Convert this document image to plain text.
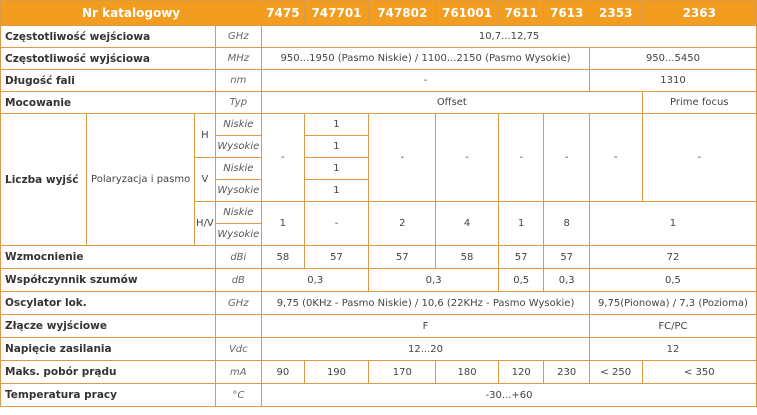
Nr katalogowy				7475	747701	747802	761001	7611	7613	2353	2363
Częstotliwość wejściowa			GHz	10,7...12,75							
Częstotliwość wyjściowa			MHz	950...1950 (Pasmo Niskie) / 1100...2150 (Pasmo Wysokie)						950...5450	
Długość fali			nm	-						1310	
Mocowanie			Typ	Offset							Prime focus
Liczba wyjść	Polaryzacja i pasmo	H	Niskie	-	1	-	-	-	-	-	-
			Wysokie		1						
		V	Niskie		1						
			Wysokie		1						
		H/V	Niskie	1	-	2	4	1	8	1	
			Wysokie								
Wzmocnienie			dBi	58	57	57	58	57	57	72	
Współczynnik szumów			dB	0,3		0,3		0,5	0,3	0,5	
Oscylator lok.			GHz	9,75 (0KHz - Pasmo Niskie) / 10,6 (22KHz - Pasmo Wysokie)						9,75(Pionowa) / 7,3 (Pozioma)	
Złącze wyjściowe				F						FC/PC	
Napięcie zasilania			Vdc	12...20						12	
Maks. pobór prądu			mA	90	190	170	180	120	230	< 250	< 350
Temperatura pracy			°C	-30...+60							
